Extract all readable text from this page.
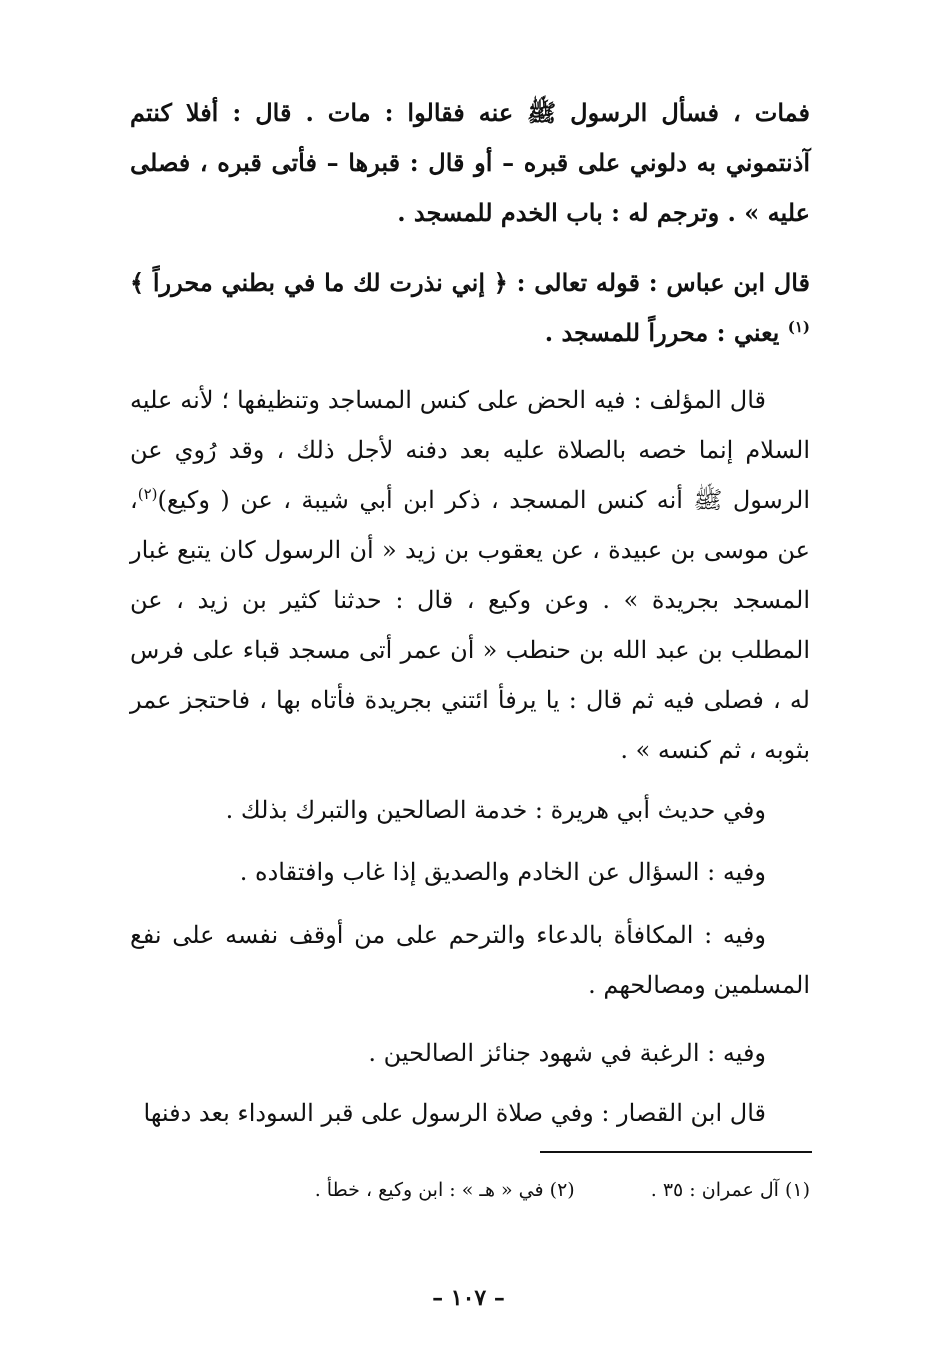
فمات ، فسأل الرسول ﷺ عنه فقالوا : مات . قال : أفلا كنتم آذنتموني به دلوني على قبره – أو قال : قبرها – فأتى قبره ، فصلى عليه » . وترجم له : باب الخدم للمسجد .

قال ابن عباس : قوله تعالى : ﴿ إني نذرت لك ما في بطني محرراً ﴾$^{(١)}$ يعني : محرراً للمسجد .

قال المؤلف : فيه الحض على كنس المساجد وتنظيفها ؛ لأنه عليه السلام إنما خصه بالصلاة عليه بعد دفنه لأجل ذلك ، وقد رُوي عن الرسول ﷺ أنه كنس المسجد ، ذكر ابن أبي شيبة ، عن ( وكيع)$^{(٢)}$، عن موسى بن عبيدة ، عن يعقوب بن زيد « أن الرسول كان يتبع غبار المسجد بجريدة » . وعن وكيع ، قال : حدثنا كثير بن زيد ، عن المطلب بن عبد الله بن حنطب « أن عمر أتى مسجد قباء على فرس له ، فصلى فيه ثم قال : يا يرفأ ائتني بجريدة فأتاه بها ، فاحتجز عمر بثوبه ، ثم كنسه » .

وفي حديث أبي هريرة : خدمة الصالحين والتبرك بذلك .

وفيه : السؤال عن الخادم والصديق إذا غاب وافتقاده .

وفيه : المكافأة بالدعاء والترحم على من أوقف نفسه على نفع المسلمين ومصالحهم .

وفيه : الرغبة في شهود جنائز الصالحين .

قال ابن القصار : وفي صلاة الرسول على قبر السوداء بعد دفنها

(١) آل عمران : ٣٥ . (٢) في « هـ » : ابن وكيع ، خطأ .
– ١٠٧ –
